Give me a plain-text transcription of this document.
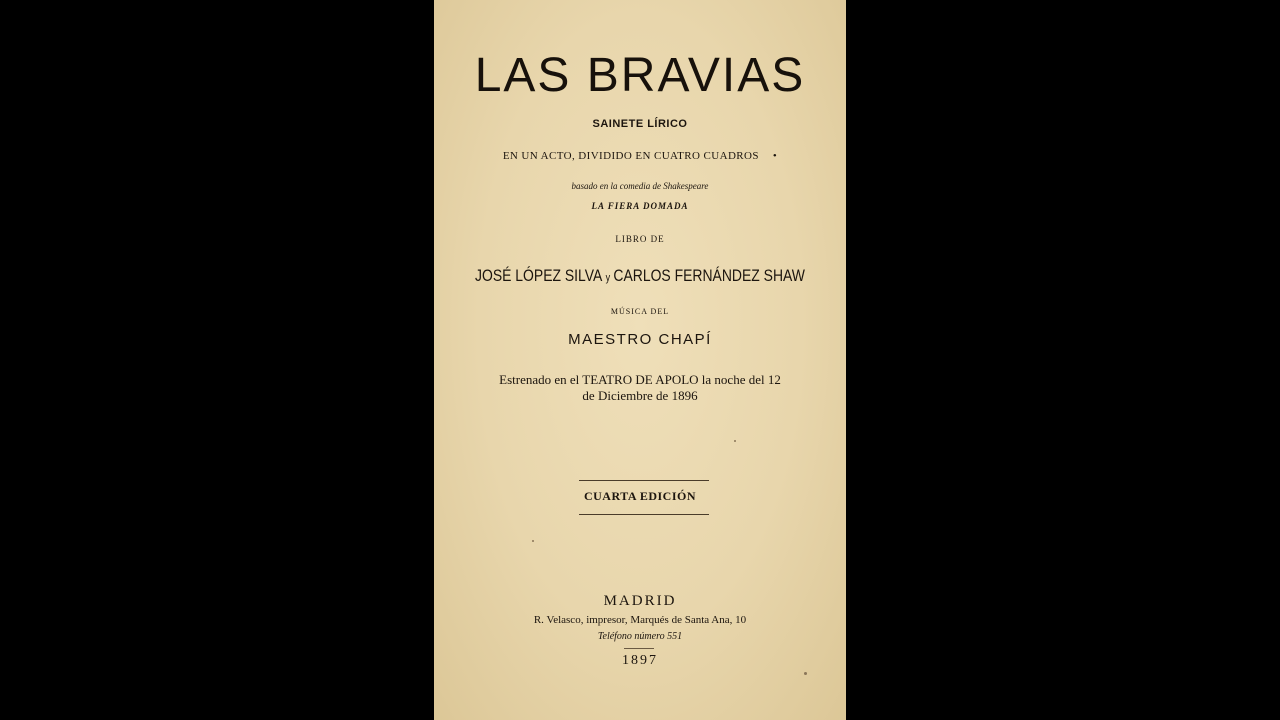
LAS BRAVIAS
SAINETE LÍRICO
EN UN ACTO, DIVIDIDO EN CUATRO CUADROS •
basado en la comedia de Shakespeare
LA FIERA DOMADA
LIBRO DE
JOSÉ LÓPEZ SILVA y CARLOS FERNÁNDEZ SHAW
MÚSICA DEL
MAESTRO CHAPÍ
Estrenado en el TEATRO DE APOLO la noche del 12
de Diciembre de 1896
CUARTA EDICIÓN
MADRID
R. Velasco, impresor, Marqués de Santa Ana, 10
Teléfono número 551
1897
